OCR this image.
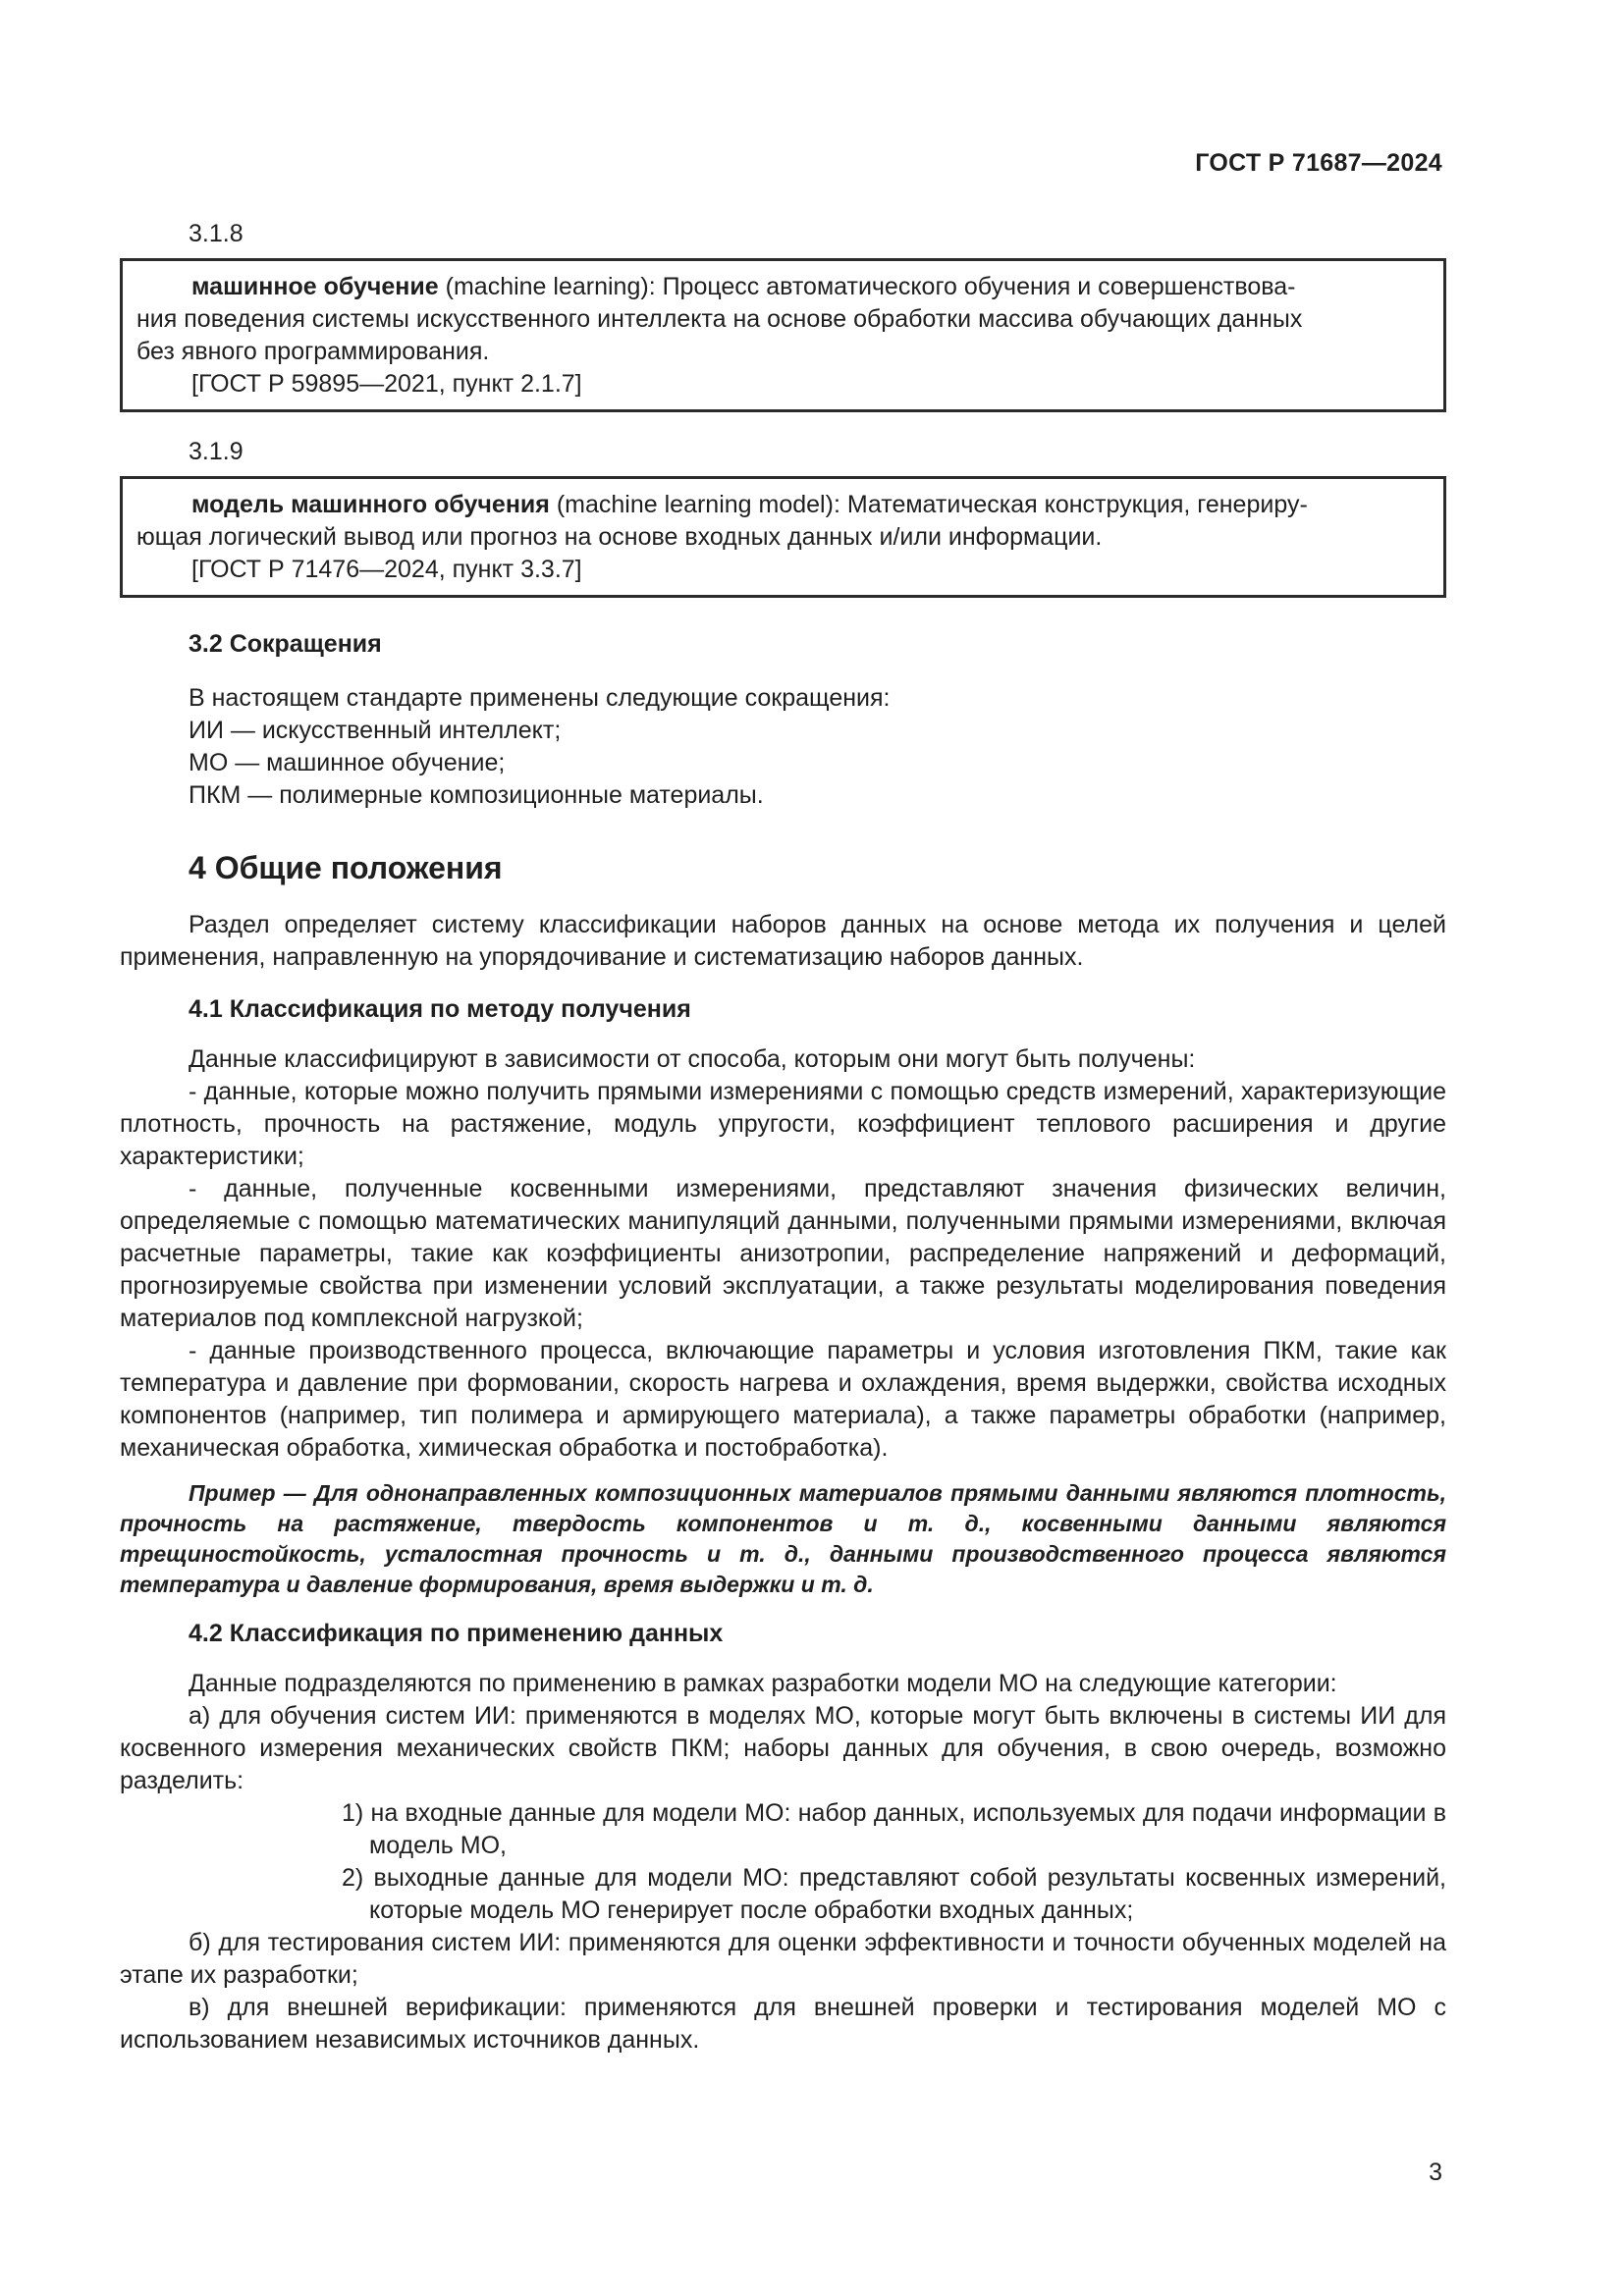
ГОСТ Р 71687—2024

3.1.8

машинное обучение (machine learning): Процесс автоматического обучения и совершенствова-
ния поведения системы искусственного интеллекта на основе обработки массива обучающих данных
без явного программирования.

[ГОСТ Р 59895—2021, пункт 2.1.7]

3.1.9

модель машинного обучения (machine learning model): Математическая конструкция, генериру-
ющая логический вывод или прогноз на основе входных данных и/или информации.

[ГОСТ Р 71476—2024, пункт 3.3.7]

3.2 Сокращения

В настоящем стандарте применены следующие сокращения:

ИИ — искусственный интеллект;

МО — машинное обучение;

ПКМ — полимерные композиционные материалы.

4 Общие положения

Раздел определяет систему классификации наборов данных на основе метода их получения и целей применения, направленную на упорядочивание и систематизацию наборов данных.

4.1 Классификация по методу получения

Данные классифицируют в зависимости от способа, которым они могут быть получены:

- данные, которые можно получить прямыми измерениями с помощью средств измерений, характеризующие плотность, прочность на растяжение, модуль упругости, коэффициент теплового расширения и другие характеристики;

- данные, полученные косвенными измерениями, представляют значения физических величин, определяемые с помощью математических манипуляций данными, полученными прямыми измерениями, включая расчетные параметры, такие как коэффициенты анизотропии, распределение напряжений и деформаций, прогнозируемые свойства при изменении условий эксплуатации, а также результаты моделирования поведения материалов под комплексной нагрузкой;

- данные производственного процесса, включающие параметры и условия изготовления ПКМ, такие как температура и давление при формовании, скорость нагрева и охлаждения, время выдержки, свойства исходных компонентов (например, тип полимера и армирующего материала), а также параметры обработки (например, механическая обработка, химическая обработка и постобработка).

Пример — Для однонаправленных композиционных материалов прямыми данными являются плотность, прочность на растяжение, твердость компонентов и т. д., косвенными данными являются трещиностойкость, усталостная прочность и т. д., данными производственного процесса являются температура и давление формирования, время выдержки и т. д.

4.2 Классификация по применению данных

Данные подразделяются по применению в рамках разработки модели МО на следующие категории:

а) для обучения систем ИИ: применяются в моделях МО, которые могут быть включены в системы ИИ для косвенного измерения механических свойств ПКМ; наборы данных для обучения, в свою очередь, возможно разделить:

1) на входные данные для модели МО: набор данных, используемых для подачи информации в модель МО,

2) выходные данные для модели МО: представляют собой результаты косвенных измерений, которые модель МО генерирует после обработки входных данных;

б) для тестирования систем ИИ: применяются для оценки эффективности и точности обученных моделей на этапе их разработки;

в) для внешней верификации: применяются для внешней проверки и тестирования моделей МО с использованием независимых источников данных.

3
